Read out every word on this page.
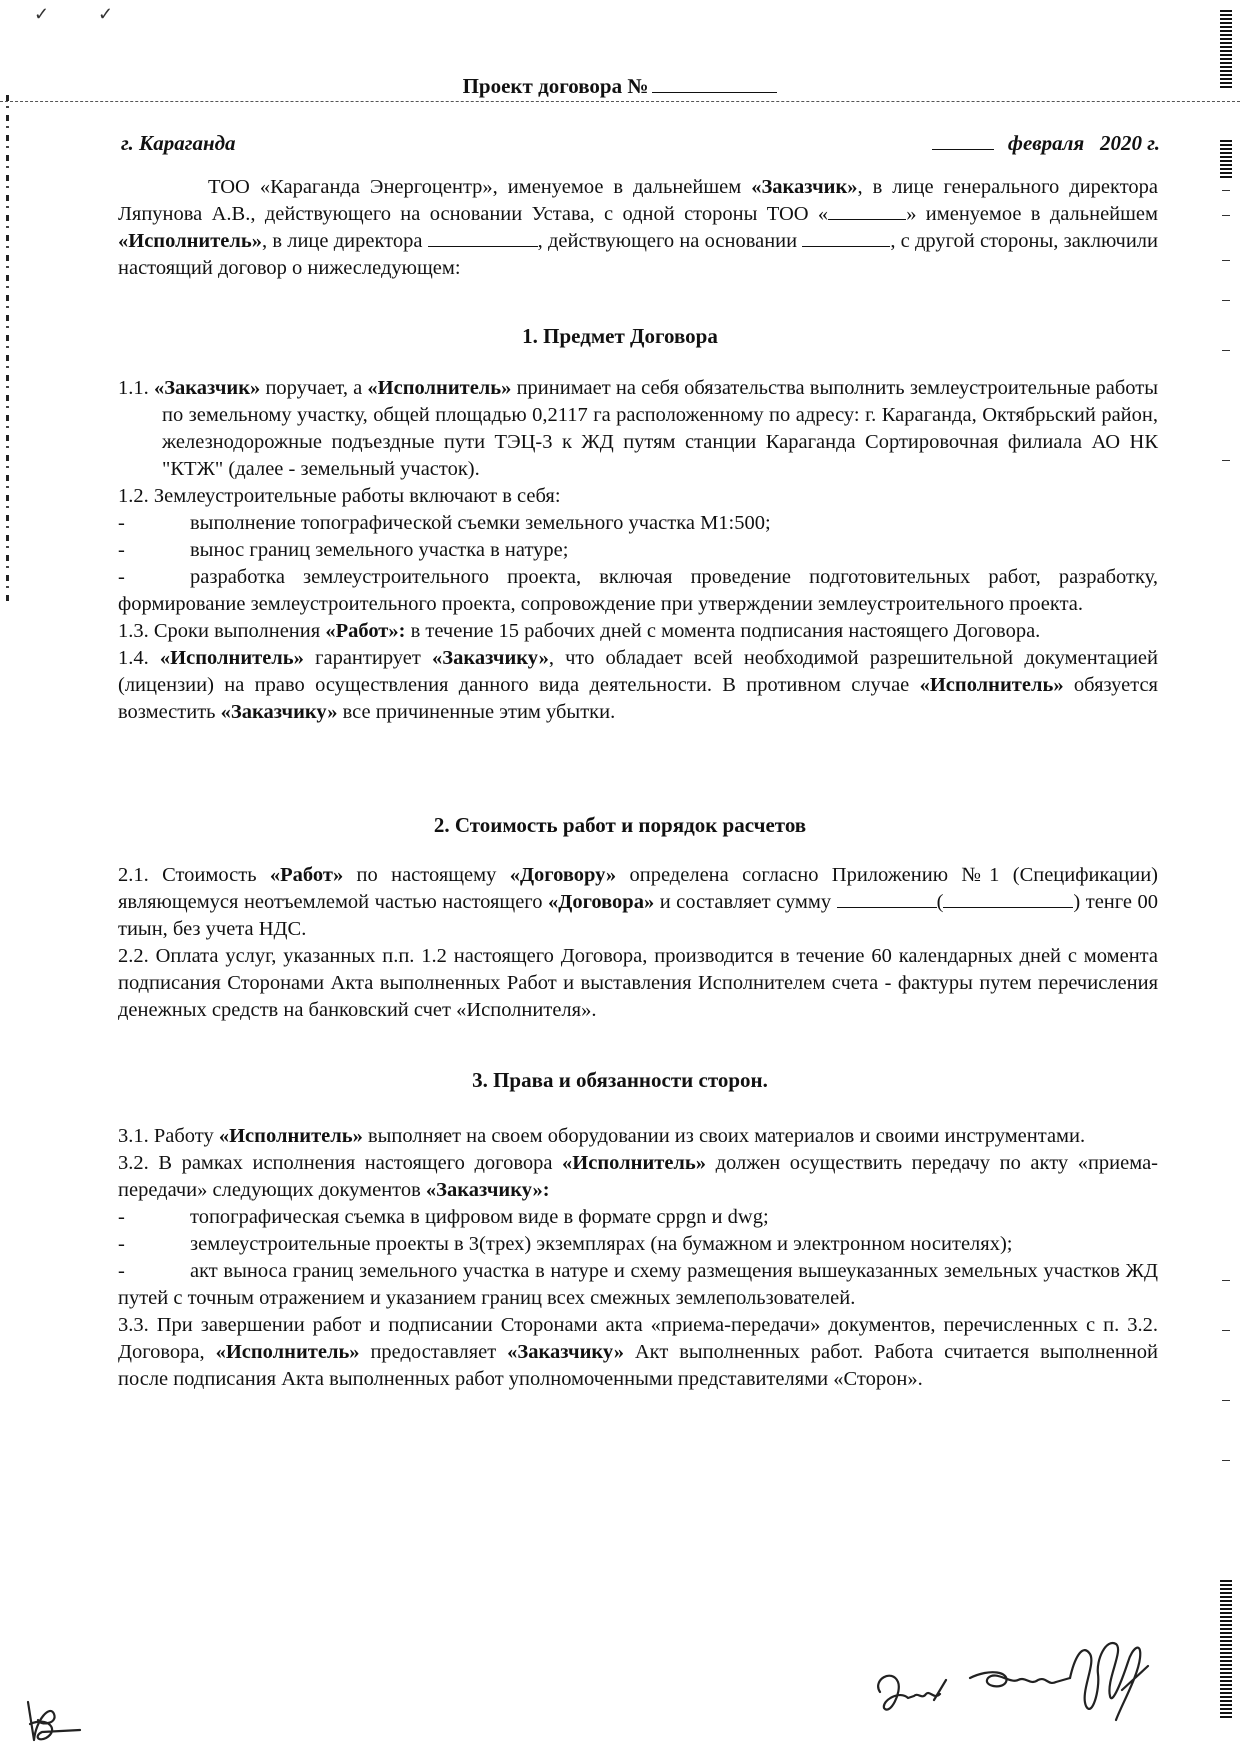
✓	✓
Проект договора №
г. Караганда	февраля 2020 г.

ТОО «Караганда Энергоцентр», именуемое в дальнейшем «Заказчик», в лице генерального директора Ляпунова А.В., действующего на основании Устава, с одной стороны ТОО «	» именуемое в дальнейшем «Исполнитель», в лице директора	, действующего на основании	, с другой стороны, заключили настоящий договор о нижеследующем:

1. Предмет Договора

1.1. «Заказчик» поручает, а «Исполнитель» принимает на себя обязательства выполнить землеустроительные работы по земельному участку, общей площадью 0,2117 га расположенному по адресу: г. Караганда, Октябрьский район, железнодорожные подъездные пути ТЭЦ-3 к ЖД путям станции Караганда Сортировочная филиала АО НК "КТЖ" (далее - земельный участок).

1.2. Землеустроительные работы включают в себя:

-	выполнение топографической съемки земельного участка М1:500;

-	вынос границ земельного участка в натуре;

-	разработка землеустроительного проекта, включая проведение подготовительных работ, разработку, формирование землеустроительного проекта, сопровождение при утверждении землеустроительного проекта.

1.3. Сроки выполнения «Работ»: в течение 15 рабочих дней с момента подписания настоящего Договора.

1.4. «Исполнитель» гарантирует «Заказчику», что обладает всей необходимой разрешительной документацией (лицензии) на право осуществления данного вида деятельности. В противном случае «Исполнитель» обязуется возместить «Заказчику» все причиненные этим убытки.

2. Стоимость работ и порядок расчетов

2.1. Стоимость «Работ» по настоящему «Договору» определена согласно Приложению №1 (Спецификации) являющемуся неотъемлемой частью настоящего «Договора» и составляет сумму	(	) тенге 00 тиын, без учета НДС.

2.2. Оплата услуг, указанных п.п. 1.2 настоящего Договора, производится в течение 60 календарных дней с момента подписания Сторонами Акта выполненных Работ и выставления Исполнителем счета - фактуры путем перечисления денежных средств на банковский счет «Исполнителя».

3. Права и обязанности сторон.

3.1. Работу «Исполнитель» выполняет на своем оборудовании из своих материалов и своими инструментами.

3.2. В рамках исполнения настоящего договора «Исполнитель» должен осуществить передачу по акту «приема-передачи» следующих документов «Заказчику»:

-	топографическая съемка в цифровом виде в формате cppgn и dwg;

-	землеустроительные проекты в 3(трех) экземплярах (на бумажном и электронном носителях);

-	акт выноса границ земельного участка в натуре и схему размещения вышеуказанных земельных участков ЖД путей с точным отражением и указанием границ всех смежных землепользователей.

3.3. При завершении работ и подписании Сторонами акта «приема-передачи» документов, перечисленных с п. 3.2. Договора, «Исполнитель» предоставляет «Заказчику» Акт выполненных работ. Работа считается выполненной после подписания Акта выполненных работ уполномоченными представителями «Сторон».
